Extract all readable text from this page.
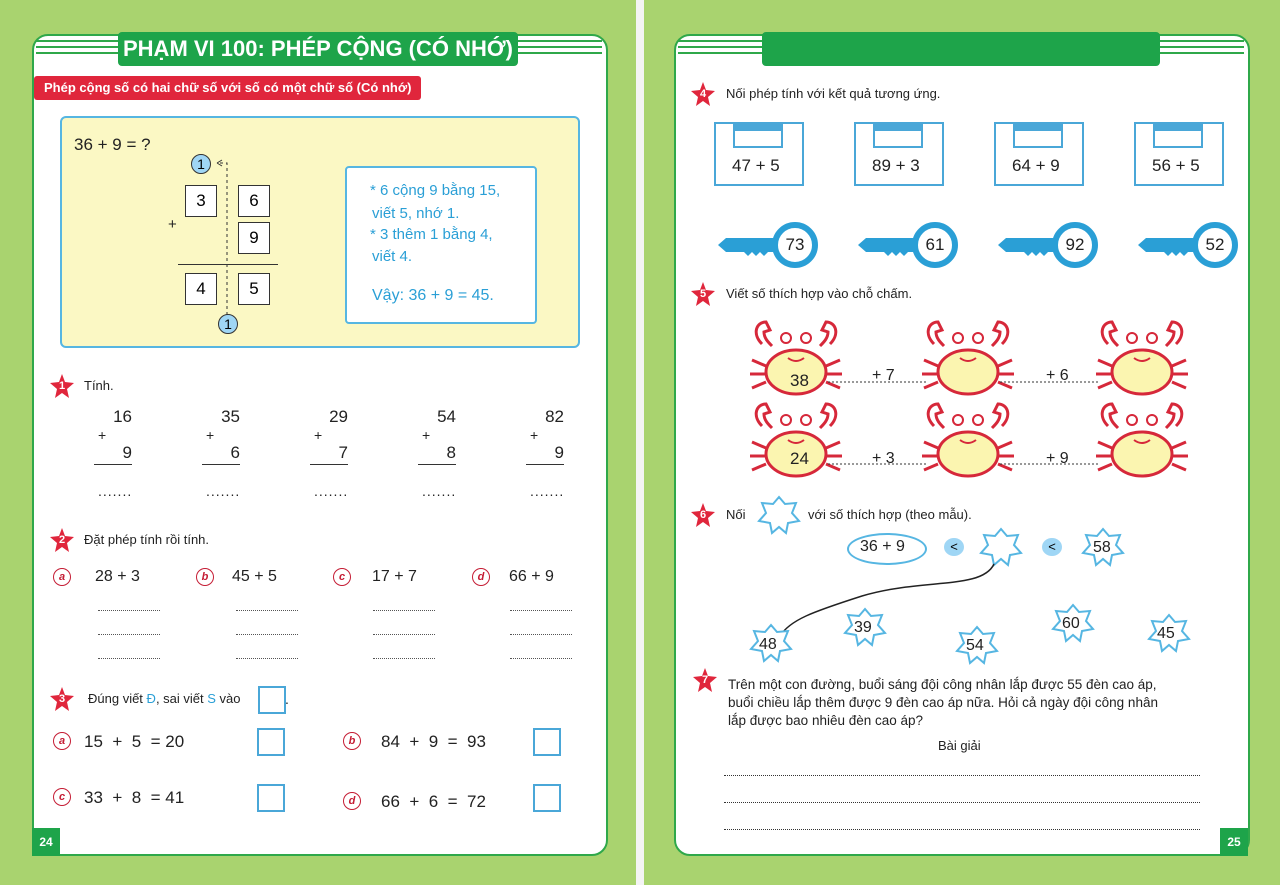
PHẠM VI 100: PHÉP CỘNG (CÓ NHỚ)
Phép cộng số có hai chữ số với số có một chữ số (Có nhớ)
36 + 9 = ?
1
3	6
+
9
4	5
1
* 6 cộng 9 bằng 15,
viết 5, nhớ 1.
* 3 thêm 1 bằng 4,
viết 4.
Vậy: 36 + 9 = 45.
1	Tính.
16
+
9
.......
35
+
6
.......
29
+
7
.......
54
+
8
.......
82
+
9
.......
2	Đặt phép tính rồi tính.
a	28 + 3	b	45 + 5	c	17 + 7	d	66 + 9
3	Đúng viết Đ, sai viết S vào	.
a	15  +  5  = 20	b	84  +  9  =  93
c	33  +  8  = 41	d	66  +  6  =  72
24
4	Nối phép tính với kết quả tương ứng.
47 + 5	89 + 3	64 + 9	56 + 5
73	61	92	52
5	Viết số thích hợp vào chỗ chấm.
38	+ 7	+ 6
24	+ 3	+ 9
6	Nối	với số thích hợp (theo mẫu).
36 + 9	<	<	58
48
39
54
60
45
7	Trên một con đường, buổi sáng đội công nhân lắp được 55 đèn cao áp,
buổi chiều lắp thêm được 9 đèn cao áp nữa. Hỏi cả ngày đội công nhân
lắp được bao nhiêu đèn cao áp?
Bài giải
25
